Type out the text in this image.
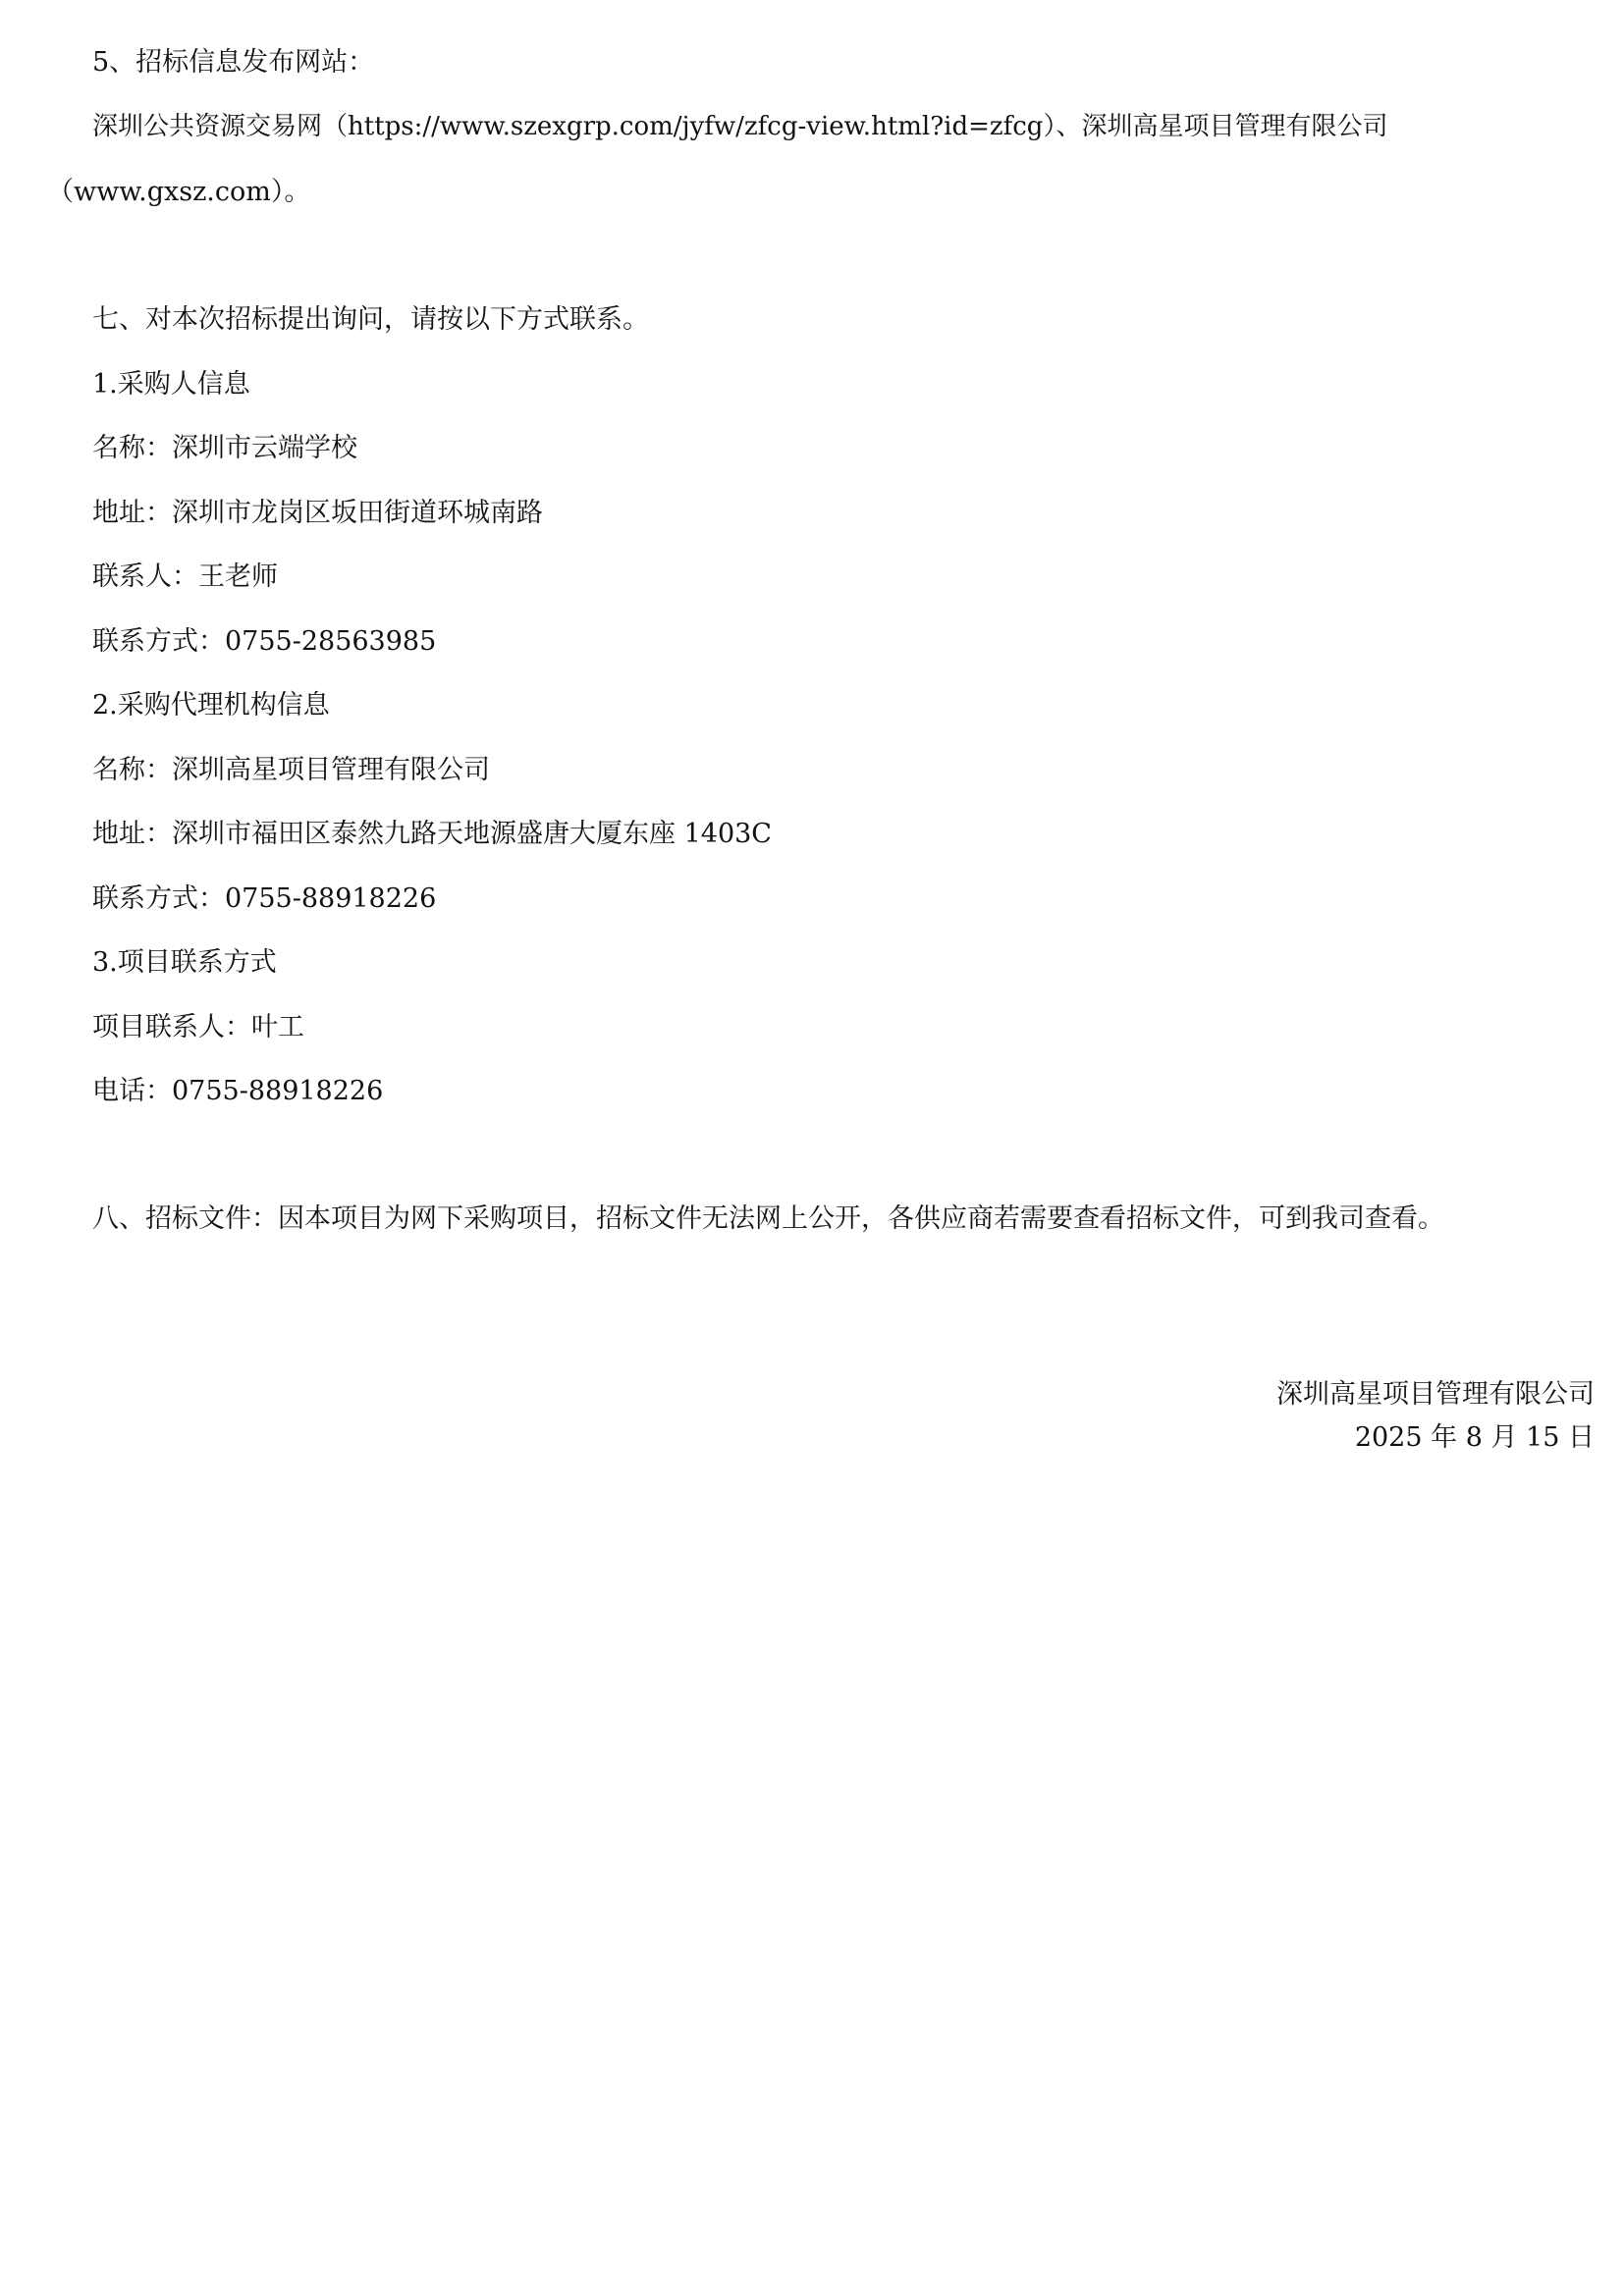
5、招标信息发布网站：
深圳公共资源交易网（https://www.szexgrp.com/jyfw/zfcg-view.html?id=zfcg）、深圳高星项目管理有限公司
（www.gxsz.com）。
七、对本次招标提出询问，请按以下方式联系。
1.采购人信息
名称：深圳市云端学校
地址：深圳市龙岗区坂田街道环城南路
联系人：王老师
联系方式：0755-28563985
2.采购代理机构信息
名称：深圳高星项目管理有限公司
地址：深圳市福田区泰然九路天地源盛唐大厦东座 1403C
联系方式：0755-88918226
3.项目联系方式
项目联系人：叶工
电话：0755-88918226
八、招标文件：因本项目为网下采购项目，招标文件无法网上公开，各供应商若需要查看招标文件，可到我司查看。
深圳高星项目管理有限公司
2025 年 8 月 15 日
